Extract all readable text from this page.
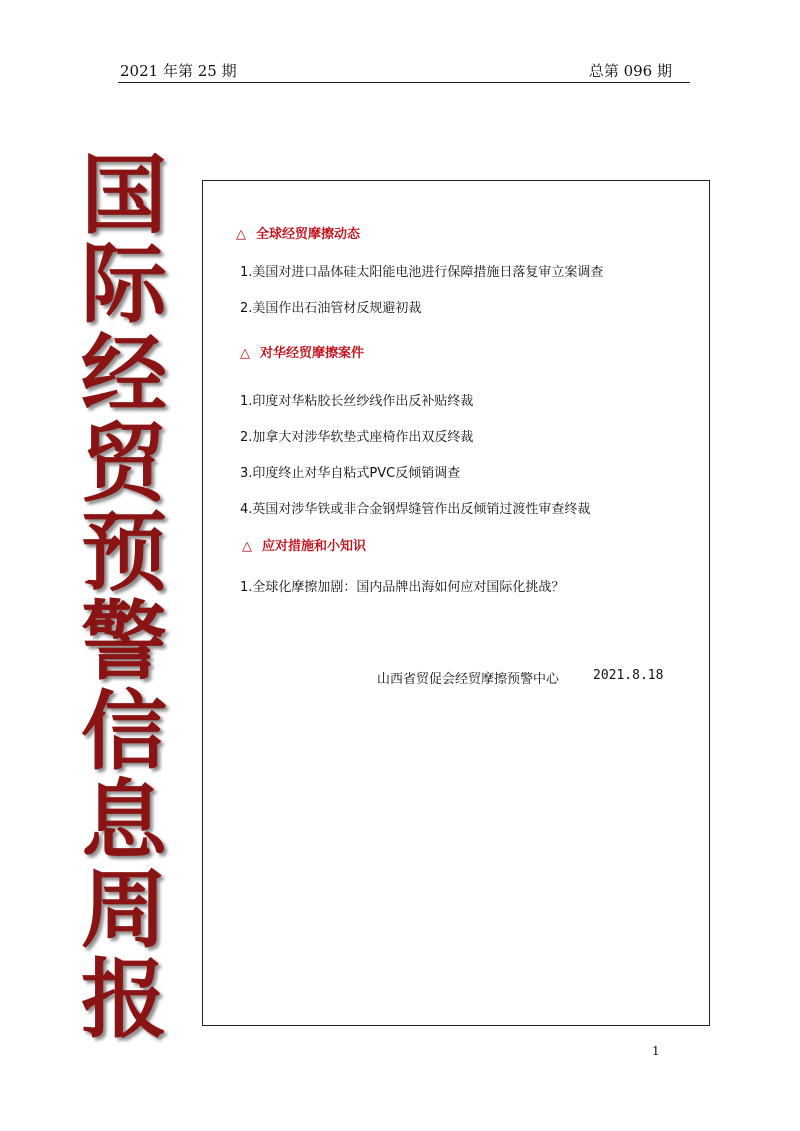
2021 年第 25 期	总第 096 期
国
际
经
贸
预
警
信
息
周
报
△ 全球经贸摩擦动态
1.美国对进口晶体硅太阳能电池进行保障措施日落复审立案调查
2.美国作出石油管材反规避初裁
△ 对华经贸摩擦案件
1.印度对华粘胶长丝纱线作出反补贴终裁
2.加拿大对涉华软垫式座椅作出双反终裁
3.印度终止对华自粘式PVC反倾销调查
4.英国对涉华铁或非合金钢焊缝管作出反倾销过渡性审查终裁
△ 应对措施和小知识
1.全球化摩擦加剧：国内品牌出海如何应对国际化挑战？
山西省贸促会经贸摩擦预警中心	2021.8.18
1
